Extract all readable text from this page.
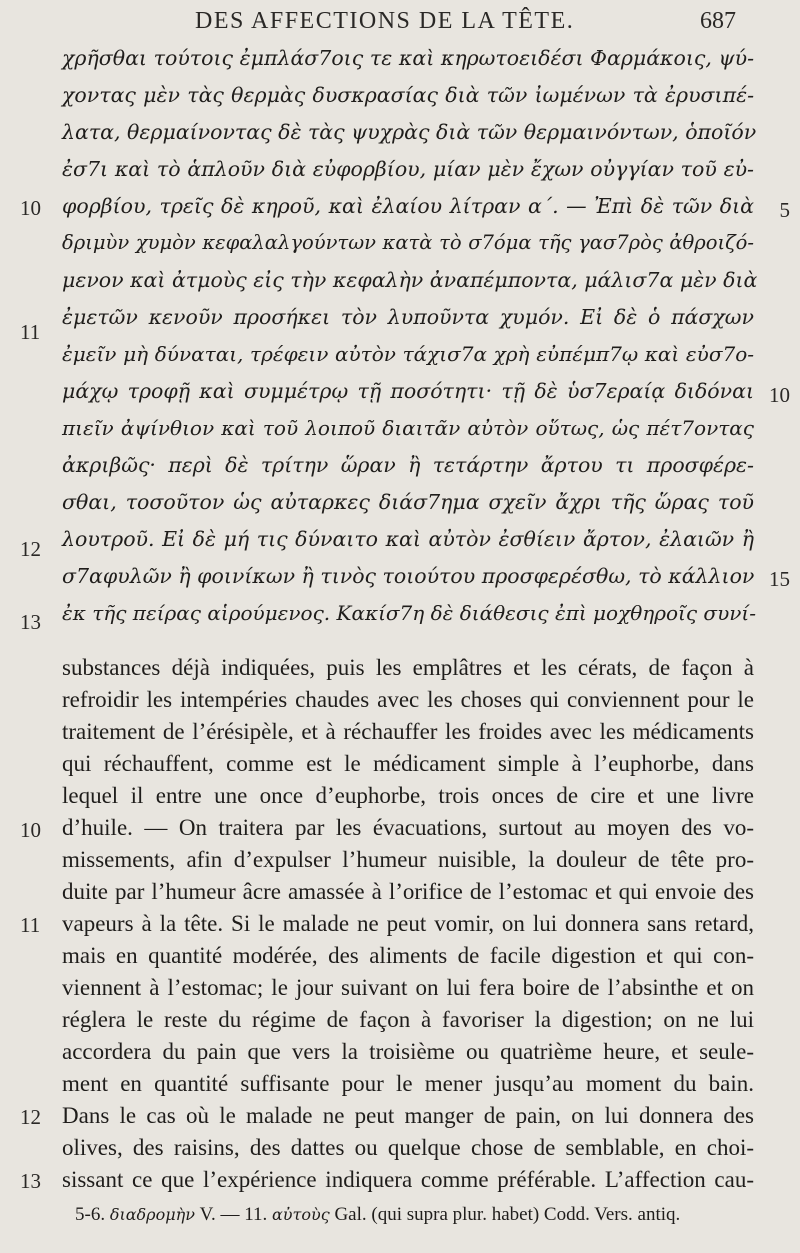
DES AFFECTIONS DE LA TÊTE.	687
χρῆσθαι τούτοις ἐμπλάσ7οις τε καὶ κηρωτοειδέσι Φαρμάκοις, ψύ-
χοντας μὲν τὰς θερμὰς δυσκρασίας διὰ τῶν ἰωμένων τὰ ἐρυσιπέ-
λατα, θερμαίνοντας δὲ τὰς ψυχρὰς διὰ τῶν θερμαινόντων, ὁποῖόν
ἐσ7ι καὶ τὸ ἁπλοῦν διὰ εὐφορβίου, μίαν μὲν ἔχων οὐγγίαν τοῦ εὐ-
φορβίου, τρεῖς δὲ κηροῦ, καὶ ἐλαίου λίτραν α΄. — Ἐπὶ δὲ τῶν διὰ
δριμὺν χυμὸν κεφαλαλγούντων κατὰ τὸ σ7όμα τῆς γασ7ρὸς ἀθροιζό-
μενον καὶ ἀτμοὺς εἰς τὴν κεφαλὴν ἀναπέμποντα, μάλισ7α μὲν διὰ
ἐμετῶν κενοῦν προσήκει τὸν λυποῦντα χυμόν. Εἰ δὲ ὁ πάσχων
ἐμεῖν μὴ δύναται, τρέφειν αὐτὸν τάχισ7α χρὴ εὐπέμπ7ῳ καὶ εὐσ7ο-
μάχῳ τροφῇ καὶ συμμέτρῳ τῇ ποσότητι· τῇ δὲ ὑσ7εραίᾳ διδόναι
πιεῖν ἀψίνθιον καὶ τοῦ λοιποῦ διαιτᾶν αὐτὸν οὕτως, ὡς πέτ7οντας
ἀκριβῶς· περὶ δὲ τρίτην ὥραν ἢ τετάρτην ἄρτου τι προσφέρε-
σθαι, τοσοῦτον ὡς αὐταρκες διάσ7ημα σχεῖν ἄχρι τῆς ὥρας τοῦ
λουτροῦ. Εἰ δὲ μή τις δύναιτο καὶ αὐτὸν ἐσθίειν ἄρτον, ἐλαιῶν ἢ
σ7αφυλῶν ἢ φοινίκων ἢ τινὸς τοιούτου προσφερέσθω, τὸ κάλλιον
ἐκ τῆς πείρας αἱρούμενος. Κακίσ7η δὲ διάθεσις ἐπὶ μοχθηροῖς συνί-
10
11
12
13
5
10
15
substances déjà indiquées, puis les emplâtres et les cérats, de façon à
refroidir les intempéries chaudes avec les choses qui conviennent pour le
traitement de l’érésipèle, et à réchauffer les froides avec les médicaments
qui réchauffent, comme est le médicament simple à l’euphorbe, dans
lequel il entre une once d’euphorbe, trois onces de cire et une livre
d’huile. — On traitera par les évacuations, surtout au moyen des vo-
missements, afin d’expulser l’humeur nuisible, la douleur de tête pro-
duite par l’humeur âcre amassée à l’orifice de l’estomac et qui envoie des
vapeurs à la tête. Si le malade ne peut vomir, on lui donnera sans retard,
mais en quantité modérée, des aliments de facile digestion et qui con-
viennent à l’estomac; le jour suivant on lui fera boire de l’absinthe et on
réglera le reste du régime de façon à favoriser la digestion; on ne lui
accordera du pain que vers la troisième ou quatrième heure, et seule-
ment en quantité suffisante pour le mener jusqu’au moment du bain.
Dans le cas où le malade ne peut manger de pain, on lui donnera des
olives, des raisins, des dattes ou quelque chose de semblable, en choi-
sissant ce que l’expérience indiquera comme préférable. L’affection cau-
10
11
12
13
5-6. διαδρομὴν V. — 11. αὐτοὺς Gal. (qui supra plur. habet) Codd. Vers. antiq.
